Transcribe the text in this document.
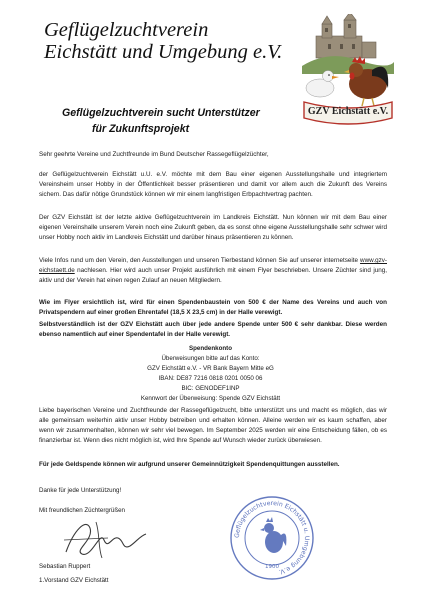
Geflügelzuchtverein
Eichstätt und Umgebung e.V.
GZV Eichstätt e.V.
Geflügelzuchtverein sucht Unterstützer
für Zukunftsprojekt

Sehr geehrte Vereine und Zuchtfreunde im Bund Deutscher Rassegeflügelzüchter,

der Geflügelzuchtverein Eichstätt u.U. e.V. möchte mit dem Bau einer eigenen Ausstellungshalle und integriertem Vereinsheim unser Hobby in der Öffentlichkeit besser präsentieren und damit vor allem auch die Zukunft des Vereins sichern. Das dafür nötige Grundstück können wir mir einem langfristigen Erbpachtvertrag pachten.

Der GZV Eichstätt ist der letzte aktive Geflügelzuchtverein im Landkreis Eichstätt. Nun können wir mit dem Bau einer eigenen Vereinshalle unserem Verein noch eine Zukunft geben, da es sonst ohne eigene Ausstellungshalle sehr schwer wird unser Hobby noch aktiv im Landkreis Eichstätt und darüber hinaus präsentieren zu können.

Viele Infos rund um den Verein, den Ausstellungen und unseren Tierbestand können Sie auf unserer internetseite www.gzv-eichstaett.de nachlesen. Hier wird auch unser Projekt ausführlich mit einem Flyer beschrieben. Unsere Züchter sind jung, aktiv und der Verein hat einen regen Zulauf an neuen Mitgliedern.

Wie im Flyer ersichtlich ist, wird für einen Spendenbaustein von 500 € der Name des Vereins und auch von Privatspendern auf einer großen Ehrentafel (18,5 X 23,5 cm) in der Halle verewigt.

Selbstverständlich ist der GZV Eichstätt auch über jede andere Spende unter 500 € sehr dankbar. Diese werden ebenso namentlich auf einer Spendentafel in der Halle verewigt.

Spendenkonto
Überweisungen bitte auf das Konto:
GZV Eichstätt e.V. - VR Bank Bayern Mitte eG
IBAN: DE87 7216 0818 0201 0050 06
BIC: GENODEF1INP
Kennwort der Überweisung: Spende GZV Eichstätt

Liebe bayerischen Vereine und Zuchtfreunde der Rassegeflügelzucht, bitte unterstützt uns und macht es möglich, das wir alle gemeinsam weiterhin aktiv unser Hobby betreiben und erhalten können. Alleine werden wir es kaum schaffen, aber wenn wir zusammenhalten, können wir sehr viel bewegen. Im September 2025 werden wir eine Entscheidung fällen, ob es finanzierbar ist. Wenn dies nicht möglich ist, wird Ihre Spende auf Wunsch wieder zurück überwiesen.

Für jede Geldspende können wir aufgrund unserer Gemeinnützigkeit Spendenquittungen ausstellen.

Danke für jede Unterstützung!
Mit freundlichen Züchtergrüßen
Sebastian Ruppert
1.Vorstand GZV Eichstätt
Geflügelzuchtverein Eichstätt u. Umgebung e.V.
1900
